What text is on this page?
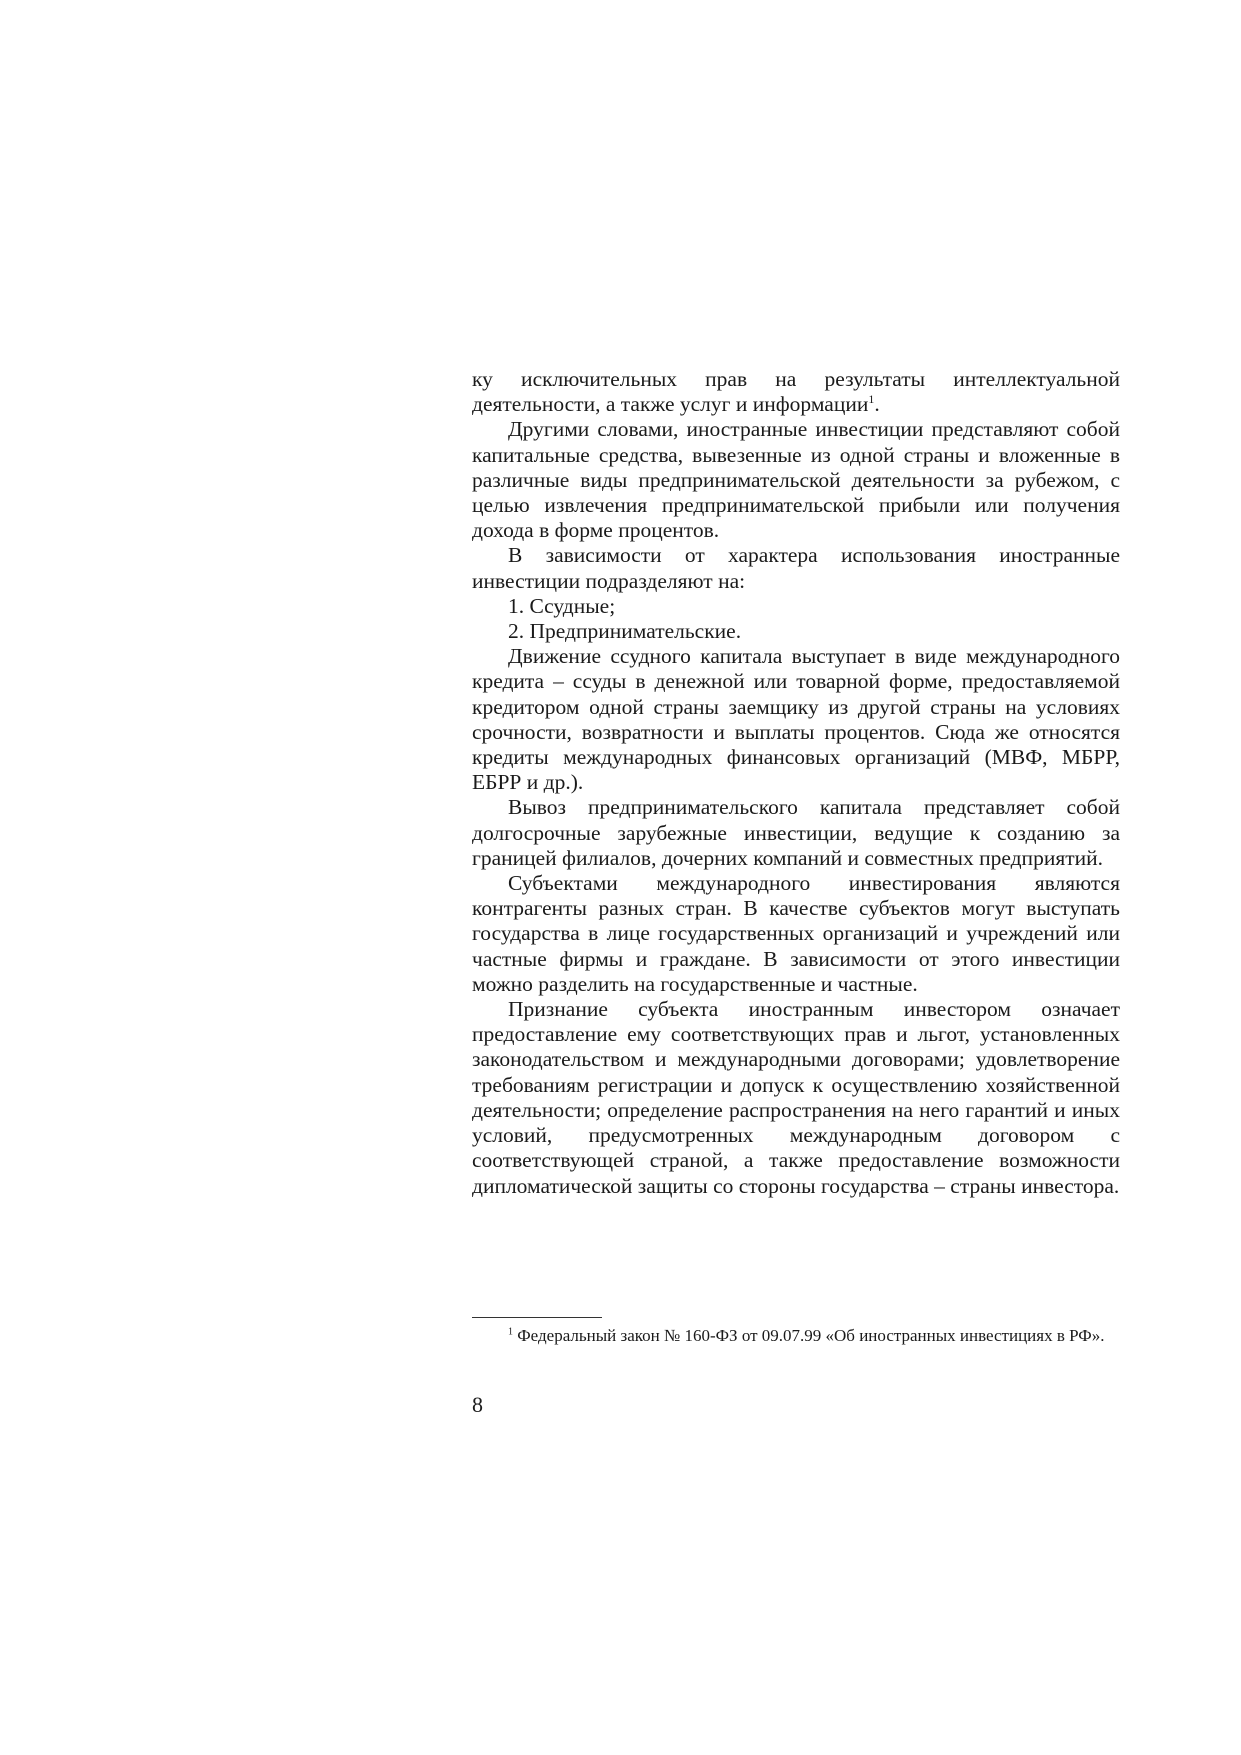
ку исключительных прав на результаты интеллектуальной деятельности, а также услуг и информации$^1$.

Другими словами, иностранные инвестиции представляют собой капитальные средства, вывезенные из одной страны и вложенные в различные виды предпринимательской деятельности за рубежом, с целью извлечения предпринимательской прибыли или получения дохода в форме процентов.

В зависимости от характера использования иностранные инвестиции подразделяют на:

1. Ссудные;

2. Предпринимательские.

Движение ссудного капитала выступает в виде международного кредита – ссуды в денежной или товарной форме, предоставляемой кредитором одной страны заемщику из другой страны на условиях срочности, возвратности и выплаты процентов. Сюда же относятся кредиты международных финансовых организаций (МВФ, МБРР, ЕБРР и др.).

Вывоз предпринимательского капитала представляет собой долгосрочные зарубежные инвестиции, ведущие к созданию за границей филиалов, дочерних компаний и совместных предприятий.

Субъектами международного инвестирования являются контрагенты разных стран. В качестве субъектов могут выступать государства в лице государственных организаций и учреждений или частные фирмы и граждане. В зависимости от этого инвестиции можно разделить на государственные и частные.

Признание субъекта иностранным инвестором означает предоставление ему соответствующих прав и льгот, установленных законодательством и международными договорами; удовлетворение требованиям регистрации и допуск к осуществлению хозяйственной деятельности; определение распространения на него гарантий и иных условий, предусмотренных международным договором с соответствующей страной, а также предоставление возможности дипломатической защиты со стороны государства – страны инвестора.

$^1$ Федеральный закон № 160-ФЗ от 09.07.99 «Об иностранных инвестициях в РФ».

8
